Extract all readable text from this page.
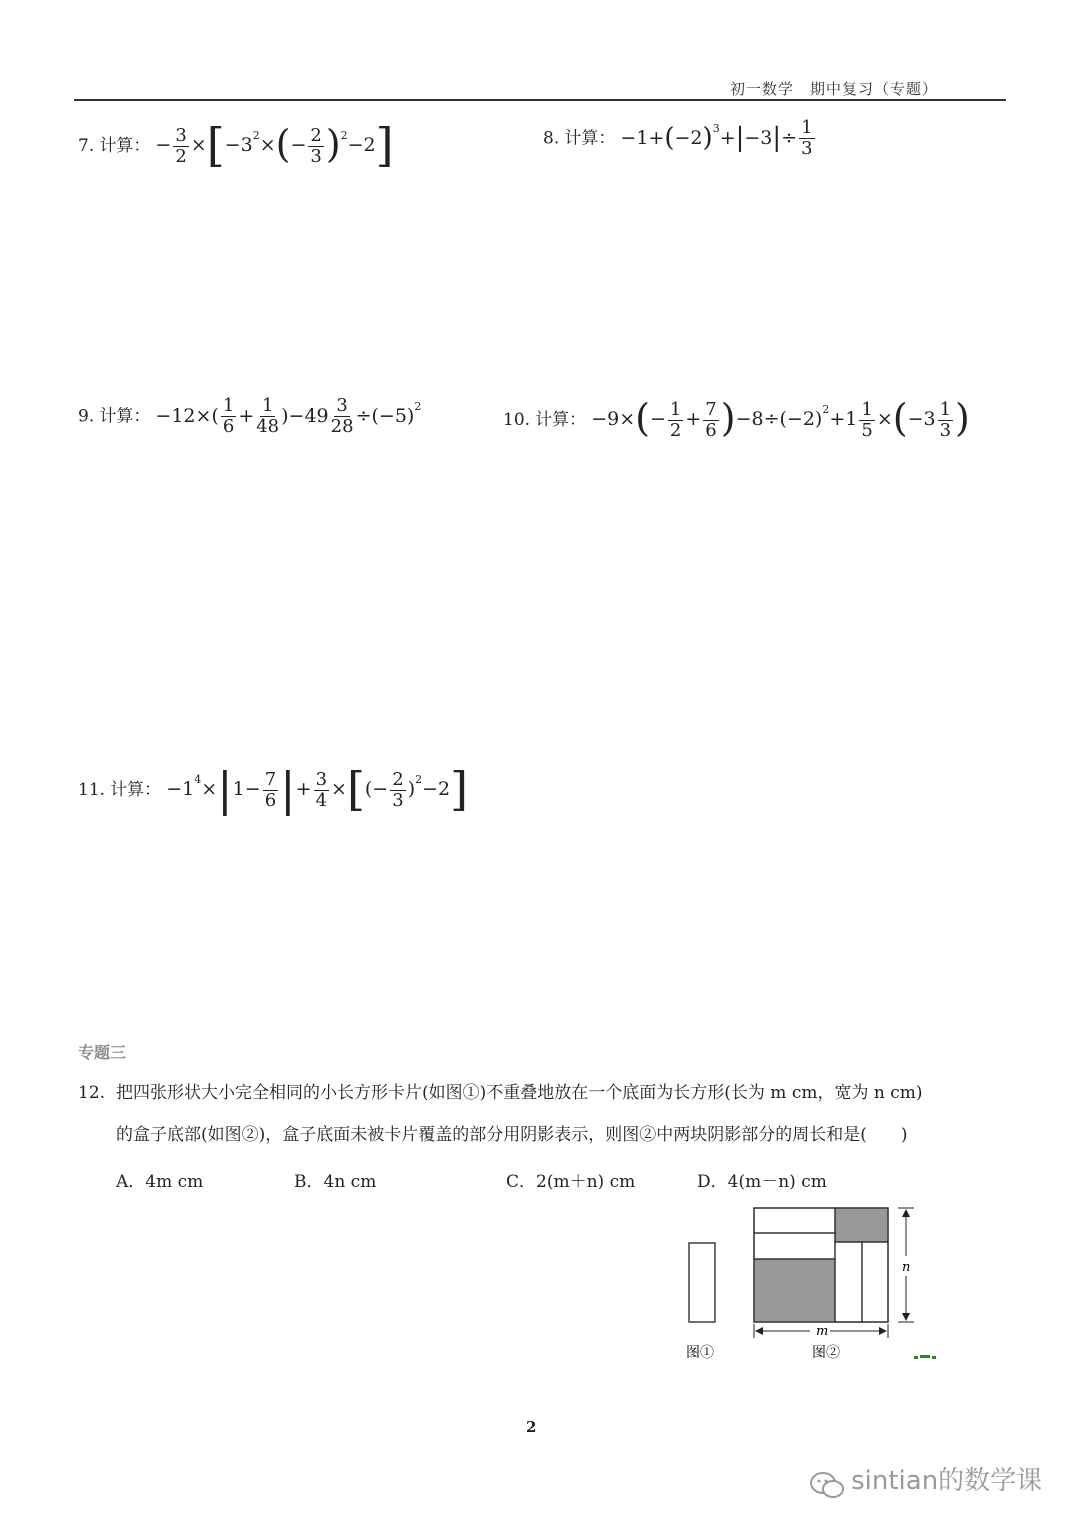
初一数学　期中复习（专题）
7. 计算： − $\frac{3}{2} \times[-3^2\times(- \frac{2}{3} )^2-2]$	8. 计算： $-1+(-2)^3+|-3|\div \frac{1}{3}$
9. 计算： $-12\times( \frac{1}{6} + \frac{1}{48} )-49 \frac{3}{28} \div(-5)^2$
10. 计算： $-9\times(- \frac{1}{2} + \frac{7}{6} )-8\div(-2)^2+1 \frac{1}{5} \times(-3 \frac{1}{3}$ )
11. 计算： $-1^4\times|1- \frac{7}{6}$ |+ $\frac{3}{4}$ ×[(− $\frac{2}{3} )^2-2$]
专题三
12. 把四张形状大小完全相同的小长方形卡片(如图①)不重叠地放在一个底面为长方形(长为 m cm，宽为 n cm)
的盒子底部(如图②)，盒子底面未被卡片覆盖的部分用阴影表示，则图②中两块阴影部分的周长和是(　　)
A．4m cm	B．4n cm	C．2(m＋n) cm	D．4(m－n) cm
n
m
图①	图②
2
sintian的数学课
